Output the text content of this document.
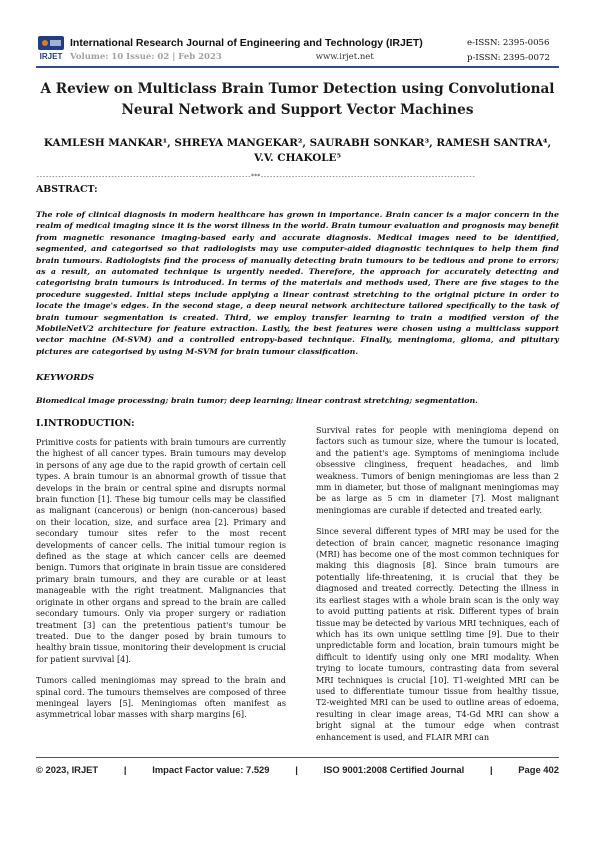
IRJET
International Research Journal of Engineering and Technology (IRJET)
Volume: 10 Issue: 02 | Feb 2023	www.irjet.net
e-ISSN: 2395-0056
p-ISSN: 2395-0072
A Review on Multiclass Brain Tumor Detection using Convolutional Neural Network and Support Vector Machines
KAMLESH MANKAR¹, SHREYA MANGEKAR², SAURABH SONKAR³, RAMESH SANTRA⁴, V.V. CHAKOLE⁵
---------------------------------------------------------------------***---------------------------------------------------------------------
ABSTRACT:
The role of clinical diagnosis in modern healthcare has grown in importance. Brain cancer is a major concern in the realm of medical imaging since it is the worst illness in the world. Brain tumour evaluation and prognosis may benefit from magnetic resonance imaging-based early and accurate diagnosis. Medical images need to be identified, segmented, and categorised so that radiologists may use computer-aided diagnostic techniques to help them find brain tumours. Radiologists find the process of manually detecting brain tumours to be tedious and prone to errors; as a result, an automated technique is urgently needed. Therefore, the approach for accurately detecting and categorising brain tumours is introduced. In terms of the materials and methods used, There are five stages to the procedure suggested. Initial steps include applying a linear contrast stretching to the original picture in order to locate the image's edges. In the second stage, a deep neural network architecture tailored specifically to the task of brain tumour segmentation is created. Third, we employ transfer learning to train a modified version of the MobileNetV2 architecture for feature extraction. Lastly, the best features were chosen using a multiclass support vector machine (M-SVM) and a controlled entropy-based technique. Finally, meningioma, glioma, and pituitary pictures are categorised by using M-SVM for brain tumour classification.
KEYWORDS
Biomedical image processing; brain tumor; deep learning; linear contrast stretching; segmentation.
I.INTRODUCTION:

Primitive costs for patients with brain tumours are currently the highest of all cancer types. Brain tumours may develop in persons of any age due to the rapid growth of certain cell types. A brain tumour is an abnormal growth of tissue that develops in the brain or central spine and disrupts normal brain function [1]. These big tumour cells may be classified as malignant (cancerous) or benign (non-cancerous) based on their location, size, and surface area [2]. Primary and secondary tumour sites refer to the most recent developments of cancer cells. The initial tumour region is defined as the stage at which cancer cells are deemed benign. Tumors that originate in brain tissue are considered primary brain tumours, and they are curable or at least manageable with the right treatment. Malignancies that originate in other organs and spread to the brain are called secondary tumours. Only via proper surgery or radiation treatment [3] can the pretentious patient's tumour be treated. Due to the danger posed by brain tumours to healthy brain tissue, monitoring their development is crucial for patient survival [4].

Tumors called meningiomas may spread to the brain and spinal cord. The tumours themselves are composed of three meningeal layers [5]. Meningiomas often manifest as asymmetrical lobar masses with sharp margins [6].

Survival rates for people with meningioma depend on factors such as tumour size, where the tumour is located, and the patient's age. Symptoms of meningioma include obsessive clinginess, frequent headaches, and limb weakness. Tumors of benign meningiomas are less than 2 mm in diameter, but those of malignant meningiomas may be as large as 5 cm in diameter [7]. Most malignant meningiomas are curable if detected and treated early.

Since several different types of MRI may be used for the detection of brain cancer, magnetic resonance imaging (MRI) has become one of the most common techniques for making this diagnosis [8]. Since brain tumours are potentially life-threatening, it is crucial that they be diagnosed and treated correctly. Detecting the illness in its earliest stages with a whole brain scan is the only way to avoid putting patients at risk. Different types of brain tissue may be detected by various MRI techniques, each of which has its own unique settling time [9]. Due to their unpredictable form and location, brain tumours might be difficult to identify using only one MRI modality. When trying to locate tumours, contrasting data from several MRI techniques is crucial [10]. T1-weighted MRI can be used to differentiate tumour tissue from healthy tissue, T2-weighted MRI can be used to outline areas of edoema, resulting in clear image areas, T4-Gd MRI can show a bright signal at the tumour edge when contrast enhancement is used, and FLAIR MRI can

© 2023, IRJET	|	Impact Factor value: 7.529	|	ISO 9001:2008 Certified Journal	|	Page 402
